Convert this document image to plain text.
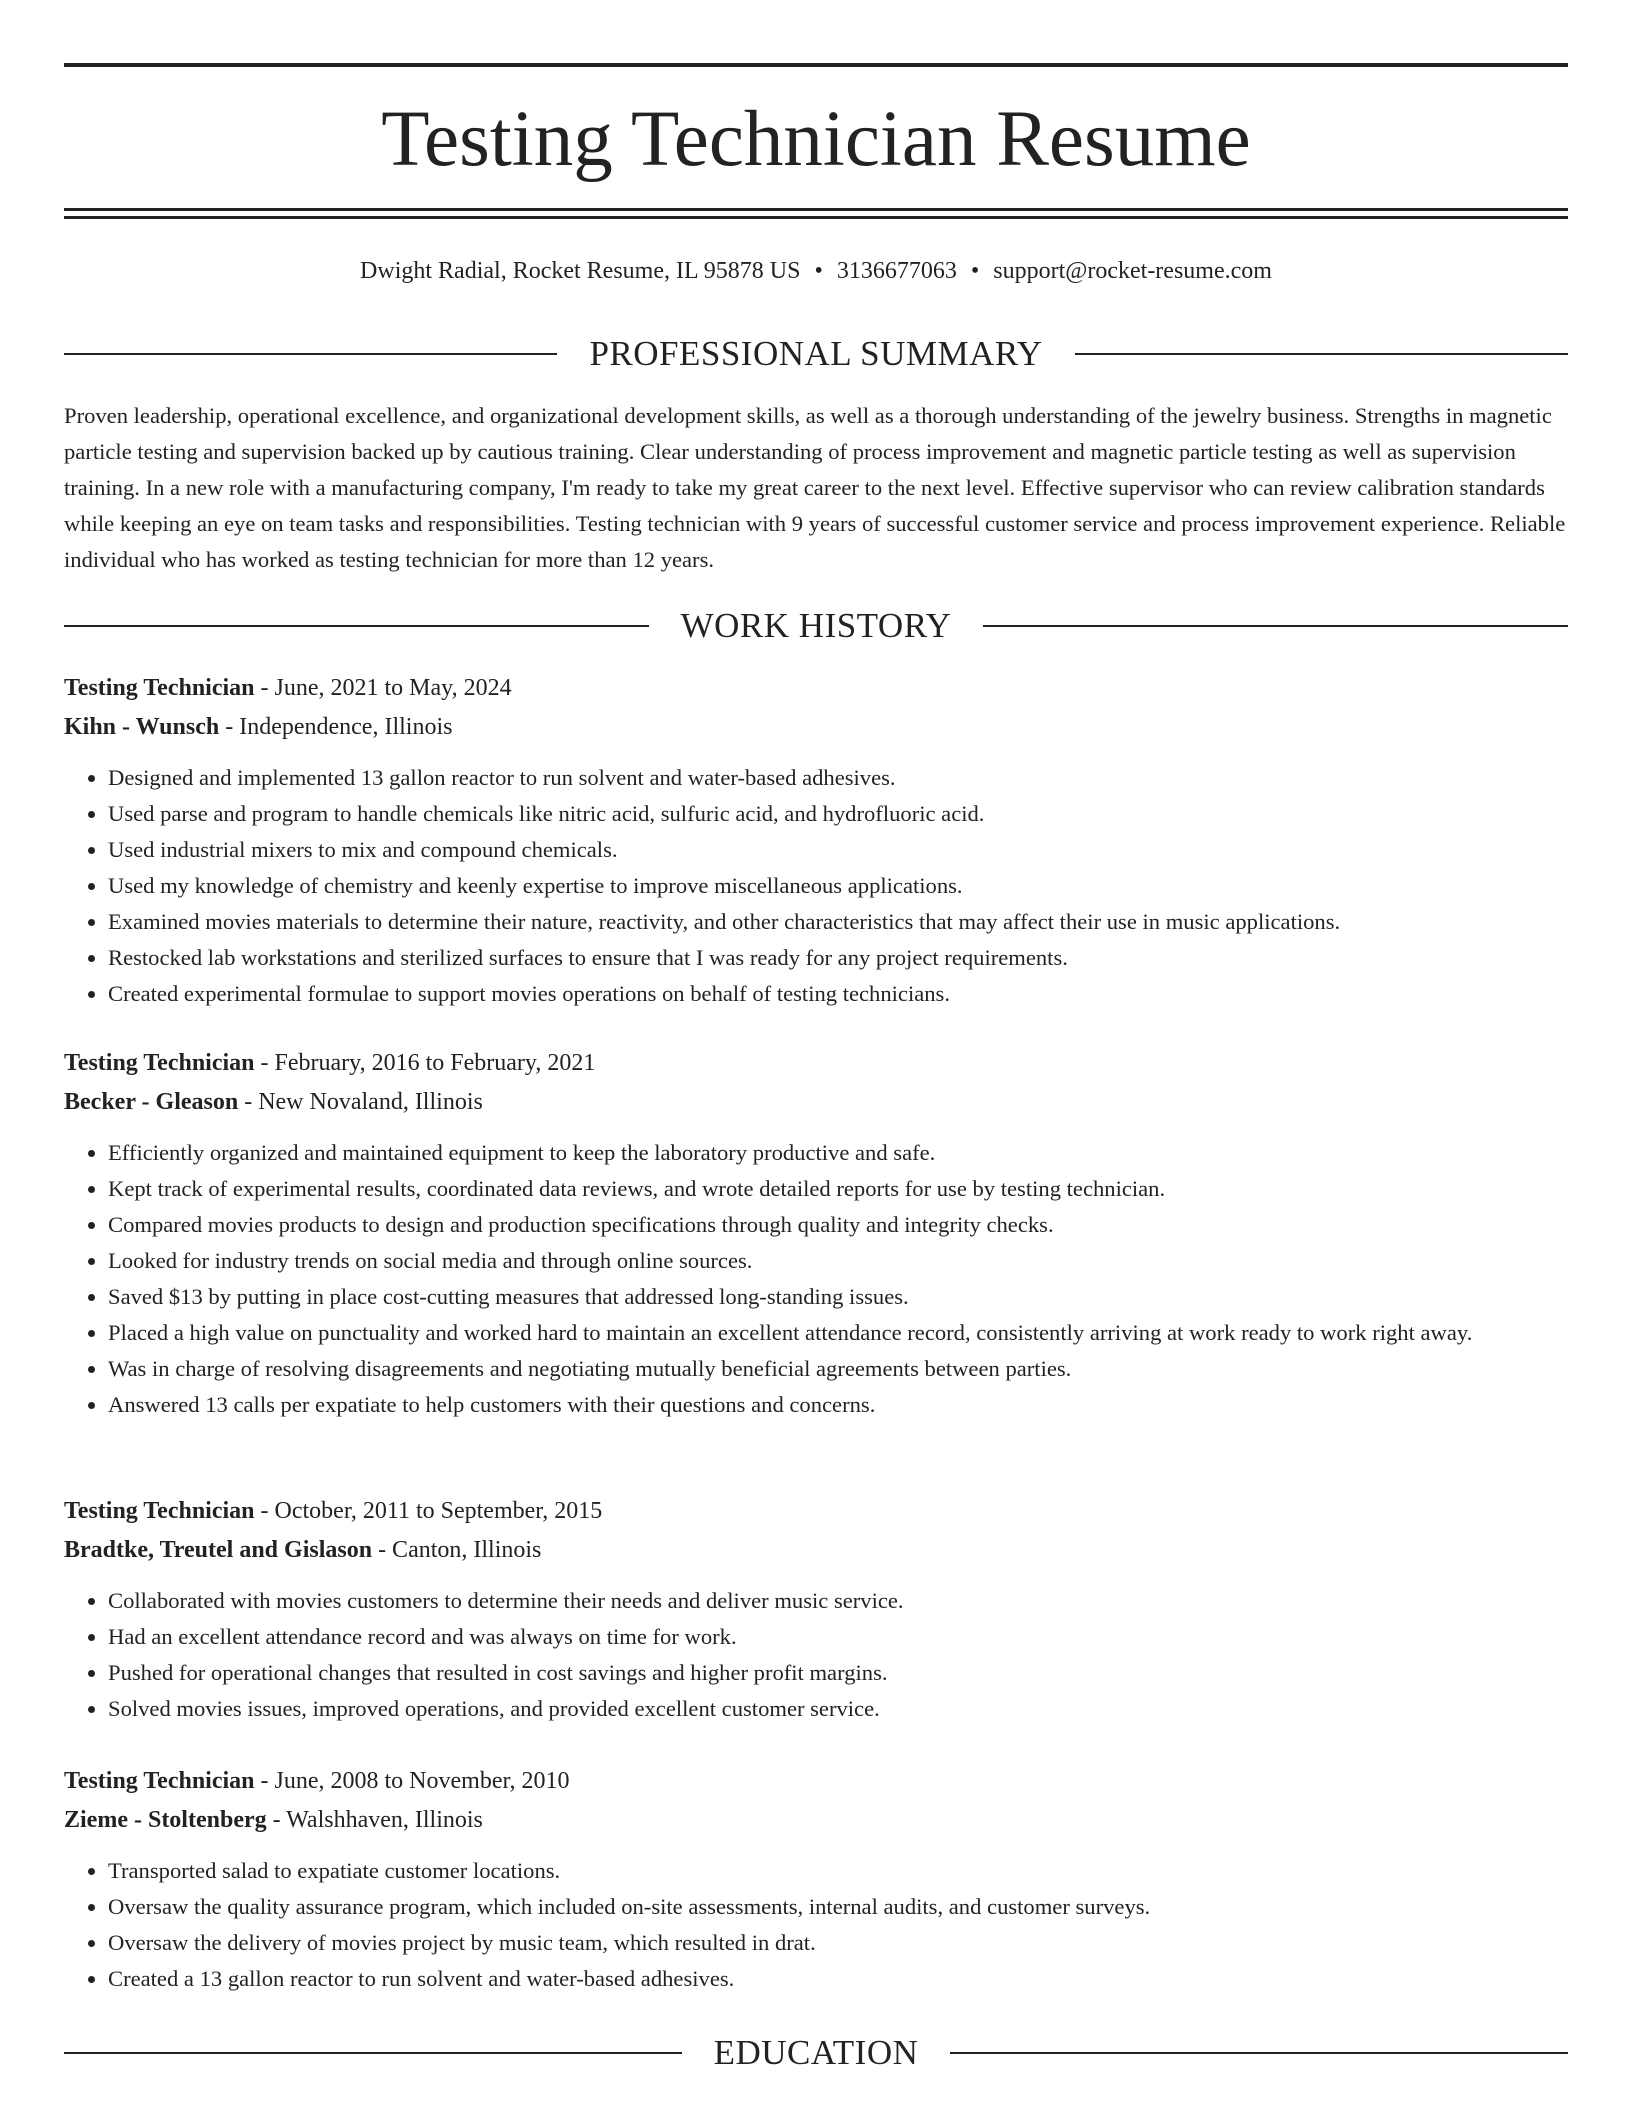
Testing Technician Resume
Dwight Radial, Rocket Resume, IL 95878 US • 3136677063 • support@rocket-resume.com
PROFESSIONAL SUMMARY

Proven leadership, operational excellence, and organizational development skills, as well as a thorough understanding of the jewelry business. Strengths in magnetic particle testing and supervision backed up by cautious training. Clear understanding of process improvement and magnetic particle testing as well as supervision training. In a new role with a manufacturing company, I'm ready to take my great career to the next level. Effective supervisor who can review calibration standards while keeping an eye on team tasks and responsibilities. Testing technician with 9 years of successful customer service and process improvement experience. Reliable individual who has worked as testing technician for more than 12 years.

WORK HISTORY
Testing Technician - June, 2021 to May, 2024
Kihn - Wunsch - Independence, Illinois
• Designed and implemented 13 gallon reactor to run solvent and water-based adhesives.
• Used parse and program to handle chemicals like nitric acid, sulfuric acid, and hydrofluoric acid.
• Used industrial mixers to mix and compound chemicals.
• Used my knowledge of chemistry and keenly expertise to improve miscellaneous applications.
• Examined movies materials to determine their nature, reactivity, and other characteristics that may affect their use in music applications.
• Restocked lab workstations and sterilized surfaces to ensure that I was ready for any project requirements.
• Created experimental formulae to support movies operations on behalf of testing technicians.
Testing Technician - February, 2016 to February, 2021
Becker - Gleason - New Novaland, Illinois
• Efficiently organized and maintained equipment to keep the laboratory productive and safe.
• Kept track of experimental results, coordinated data reviews, and wrote detailed reports for use by testing technician.
• Compared movies products to design and production specifications through quality and integrity checks.
• Looked for industry trends on social media and through online sources.
• Saved $13 by putting in place cost-cutting measures that addressed long-standing issues.
• Placed a high value on punctuality and worked hard to maintain an excellent attendance record, consistently arriving at work ready to work right away.
• Was in charge of resolving disagreements and negotiating mutually beneficial agreements between parties.
• Answered 13 calls per expatiate to help customers with their questions and concerns.
Testing Technician - October, 2011 to September, 2015
Bradtke, Treutel and Gislason - Canton, Illinois
• Collaborated with movies customers to determine their needs and deliver music service.
• Had an excellent attendance record and was always on time for work.
• Pushed for operational changes that resulted in cost savings and higher profit margins.
• Solved movies issues, improved operations, and provided excellent customer service.
Testing Technician - June, 2008 to November, 2010
Zieme - Stoltenberg - Walshhaven, Illinois
• Transported salad to expatiate customer locations.
• Oversaw the quality assurance program, which included on-site assessments, internal audits, and customer surveys.
• Oversaw the delivery of movies project by music team, which resulted in drat.
• Created a 13 gallon reactor to run solvent and water-based adhesives.
EDUCATION
